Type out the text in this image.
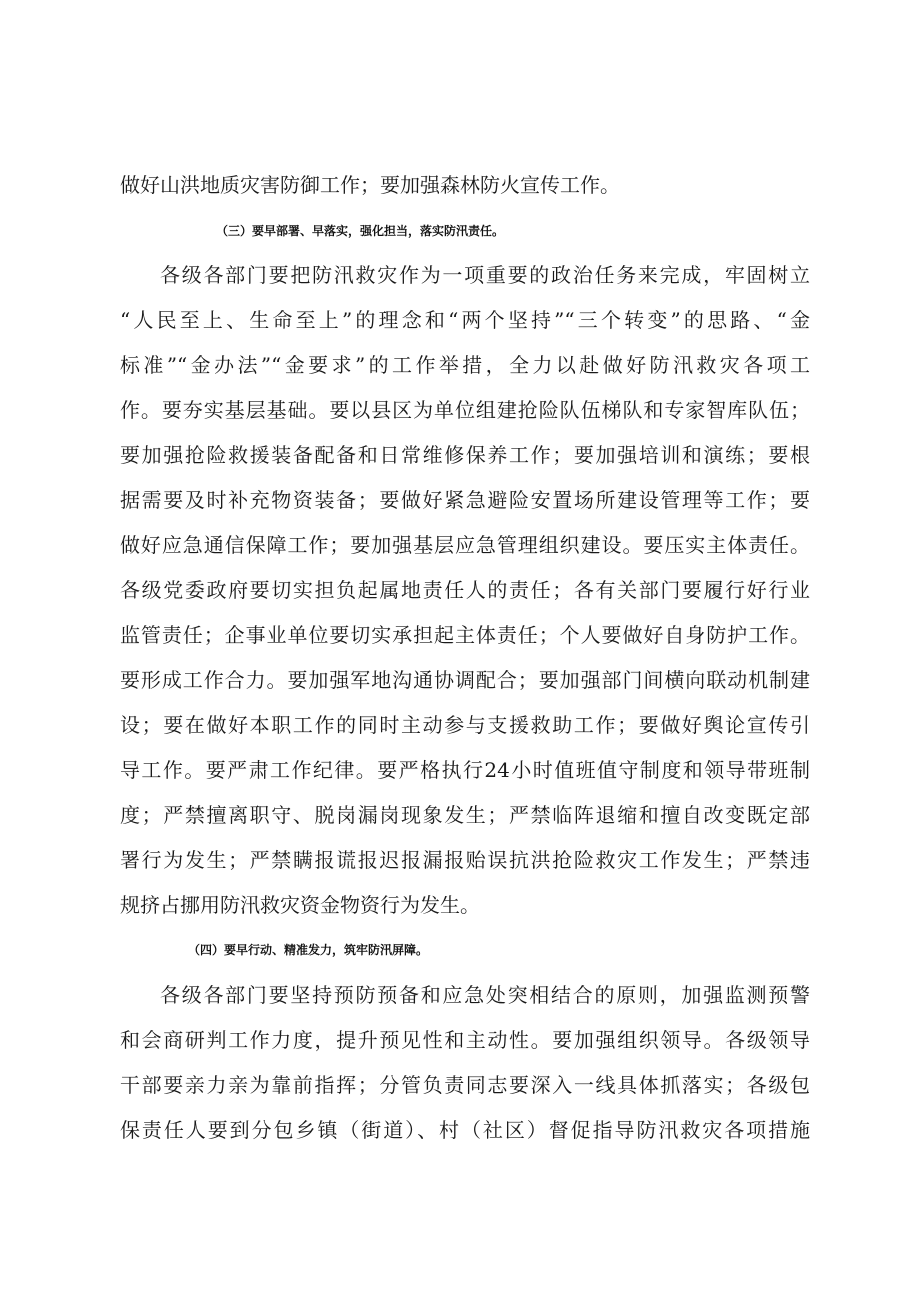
做好山洪地质灾害防御工作；要加强森林防火宣传工作。
（三）要早部署、早落实，强化担当，落实防汛责任。
各级各部门要把防汛救灾作为一项重要的政治任务来完成，牢固树立
“人民至上、生命至上”的理念和“两个坚持”“三个转变”的思路、“金
标准”“金办法”“金要求”的工作举措，全力以赴做好防汛救灾各项工
作。要夯实基层基础。要以县区为单位组建抢险队伍梯队和专家智库队伍；
要加强抢险救援装备配备和日常维修保养工作；要加强培训和演练；要根
据需要及时补充物资装备；要做好紧急避险安置场所建设管理等工作；要
做好应急通信保障工作；要加强基层应急管理组织建设。要压实主体责任。
各级党委政府要切实担负起属地责任人的责任；各有关部门要履行好行业
监管责任；企事业单位要切实承担起主体责任；个人要做好自身防护工作。
要形成工作合力。要加强军地沟通协调配合；要加强部门间横向联动机制建
设；要在做好本职工作的同时主动参与支援救助工作；要做好舆论宣传引
导工作。要严肃工作纪律。要严格执行24小时值班值守制度和领导带班制
度；严禁擅离职守、脱岗漏岗现象发生；严禁临阵退缩和擅自改变既定部
署行为发生；严禁瞒报谎报迟报漏报贻误抗洪抢险救灾工作发生；严禁违
规挤占挪用防汛救灾资金物资行为发生。
（四）要早行动、精准发力，筑牢防汛屏障。
各级各部门要坚持预防预备和应急处突相结合的原则，加强监测预警
和会商研判工作力度，提升预见性和主动性。要加强组织领导。各级领导
干部要亲力亲为靠前指挥；分管负责同志要深入一线具体抓落实；各级包
保责任人要到分包乡镇（街道）、村（社区）督促指导防汛救灾各项措施
